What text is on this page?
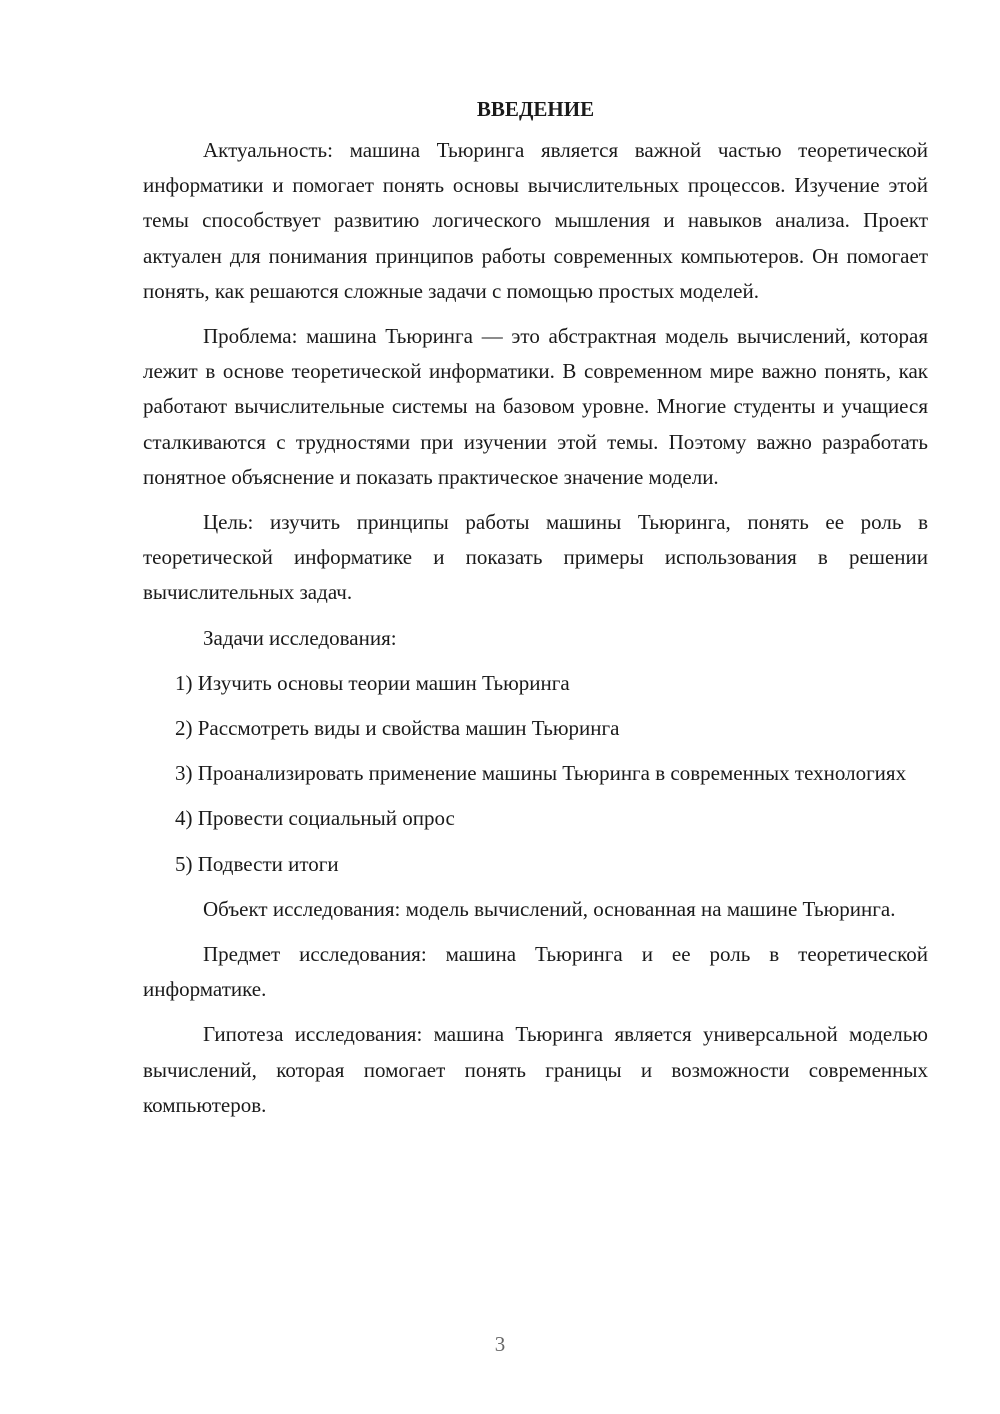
ВВЕДЕНИЕ

Актуальность: машина Тьюринга является важной частью теоретической информатики и помогает понять основы вычислительных процессов. Изучение этой темы способствует развитию логического мышления и навыков анализа. Проект актуален для понимания принципов работы современных компьютеров. Он помогает понять, как решаются сложные задачи с помощью простых моделей.

Проблема: машина Тьюринга — это абстрактная модель вычислений, которая лежит в основе теоретической информатики. В современном мире важно понять, как работают вычислительные системы на базовом уровне. Многие студенты и учащиеся сталкиваются с трудностями при изучении этой темы. Поэтому важно разработать понятное объяснение и показать практическое значение модели.

Цель: изучить принципы работы машины Тьюринга, понять ее роль в теоретической информатике и показать примеры использования в решении вычислительных задач.

Задачи исследования:

1) Изучить основы теории машин Тьюринга
2) Рассмотреть виды и свойства машин Тьюринга
3) Проанализировать применение машины Тьюринга в современных технологиях
4) Провести социальный опрос
5) Подвести итоги

Объект исследования: модель вычислений, основанная на машине Тьюринга.

Предмет исследования: машина Тьюринга и ее роль в теоретической информатике.

Гипотеза исследования: машина Тьюринга является универсальной моделью вычислений, которая помогает понять границы и возможности современных компьютеров.

3
